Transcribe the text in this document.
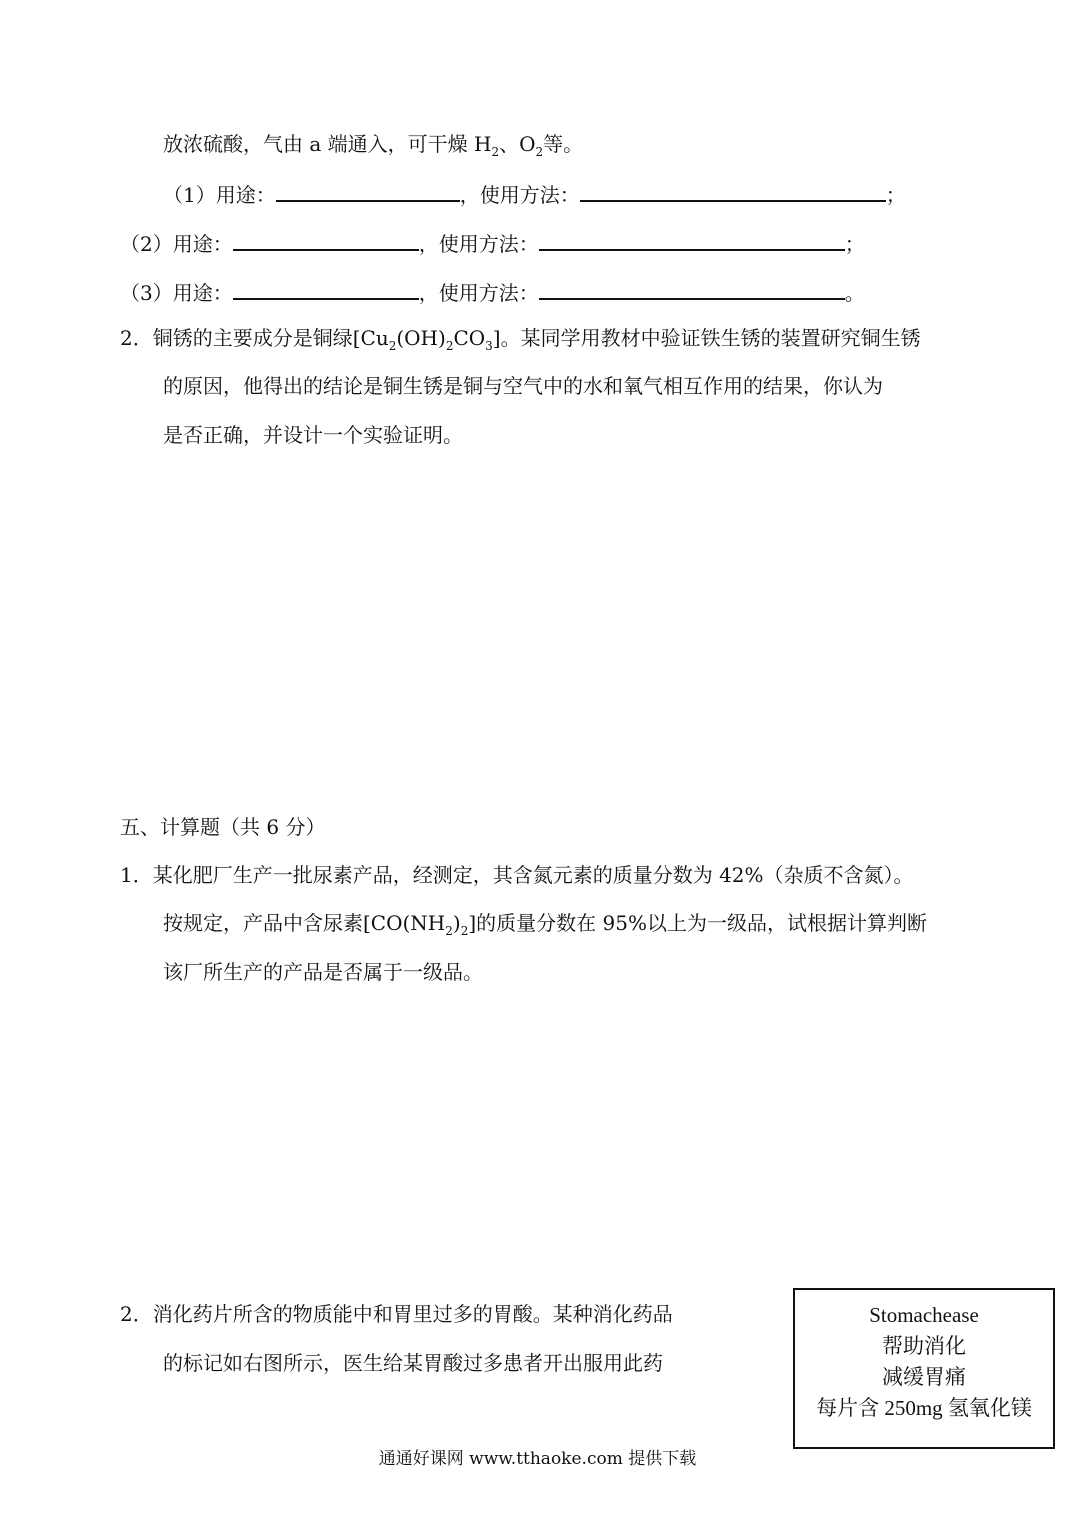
放浓硫酸，气由 a 端通入，可干燥 $H_2$、$O_2$等。
（1）用途：	，使用方法：	；
（2）用途：	，使用方法：	；
（3）用途：	，使用方法：	。
2．铜锈的主要成分是铜绿$[Cu_2(OH)_2CO_3]$。某同学用教材中验证铁生锈的装置研究铜生锈
的原因，他得出的结论是铜生锈是铜与空气中的水和氧气相互作用的结果，你认为
是否正确，并设计一个实验证明。
五、计算题（共 6 分）
1．某化肥厂生产一批尿素产品，经测定，其含氮元素的质量分数为 42%（杂质不含氮）。
按规定，产品中含尿素$[CO(NH_2)_2]$的质量分数在 95%以上为一级品，试根据计算判断
该厂所生产的产品是否属于一级品。
2．消化药片所含的物质能中和胃里过多的胃酸。某种消化药品
的标记如右图所示，医生给某胃酸过多患者开出服用此药
Stomachease
帮助消化
减缓胃痛
每片含 250mg 氢氧化镁
通通好课网 www.tthaoke.com 提供下载
